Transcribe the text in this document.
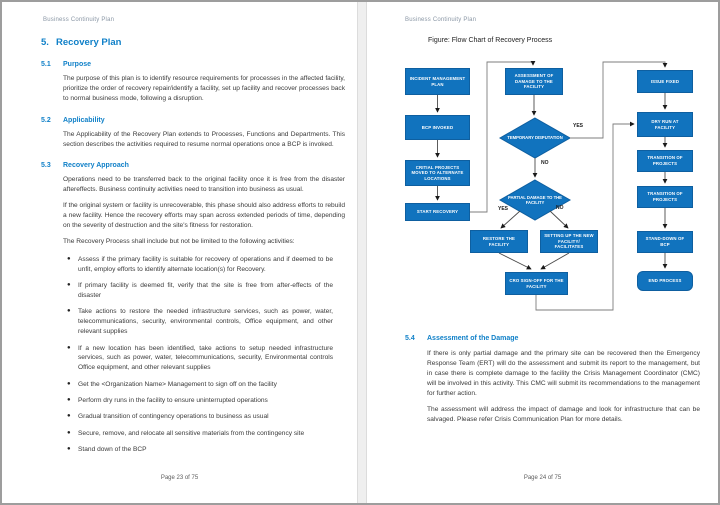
Business Continuity Plan
5. Recovery Plan
5.1	Purpose

The purpose of this plan is to identify resource requirements for processes in the affected facility, prioritize the order of recovery repair/identify a facility, set up facility and recover processes back to normal business mode, following a disruption.

5.2	Applicability

The Applicability of the Recovery Plan extends to Processes, Functions and Departments. This section describes the activities required to resume normal operations once a BCP is invoked.

5.3	Recovery Approach

Operations need to be transferred back to the original facility once it is free from the disaster aftereffects. Business continuity activities need to transition into business as usual.

If the original system or facility is unrecoverable, this phase should also address efforts to rebuild a new facility. Hence the recovery efforts may span across extended periods of time, depending on the severity of destruction and the site's fitness for restoration.

The Recovery Process shall include but not be limited to the following activities:

●	Assess if the primary facility is suitable for recovery of operations and if deemed to be unfit, employ efforts to identify alternate location(s) for Recovery.
●	If primary facility is deemed fit, verify that the site is free from after-effects of the disaster
●	Take actions to restore the needed infrastructure services, such as power, water, telecommunications, security, environmental controls, Office equipment, and other relevant supplies
●	If a new location has been identified, take actions to setup needed infrastructure services, such as power, water, telecommunications, security, Environmental controls Office equipment, and other relevant supplies
●	Get the <Organization Name> Management to sign off on the facility
●	Perform dry runs in the facility to ensure uninterrupted operations
●	Gradual transition of contingency operations to business as usual
●	Secure, remove, and relocate all sensitive materials from the contingency site
●	Stand down of the BCP
Page 23 of 75
Business Continuity Plan
Figure: Flow Chart of Recovery Process
INCIDENT MANAGEMENT PLAN
BCP INVOKED
CRITIAL PROJECTS MOVED TO ALTERNATE LOCATIONS
START RECOVERY
ASSESSMENT OF DAMAGE TO THE FACILITY
TEMPORARY DISPUTATION
PARTIAL DAMAGE TO THE FACILITY
RESTORE THE FACILITY
SETTING UP THE NEW FACILITY/ FACILITATES
CRO SIGN-OFF FOR THE FACILITY
ISSUE FIXED
DRY RUN AT FACILITY
TRANSITION OF PROJECTS
TRANSITION OF PROJECTS
STAND-DOWN OF BCP
END PROCESS
YES
NO
YES	NO
5.4	Assessment of the Damage

If there is only partial damage and the primary site can be recovered then the Emergency Response Team (ERT) will do the assessment and submit its report to the management, but in case there is complete damage to the facility the Crisis Management Coordinator (CMC) will be involved in this activity. This CMC will submit its recommendations to the management for further action.

The assessment will address the impact of damage and look for infrastructure that can be salvaged. Please refer Crisis Communication Plan for more details.

Page 24 of 75
